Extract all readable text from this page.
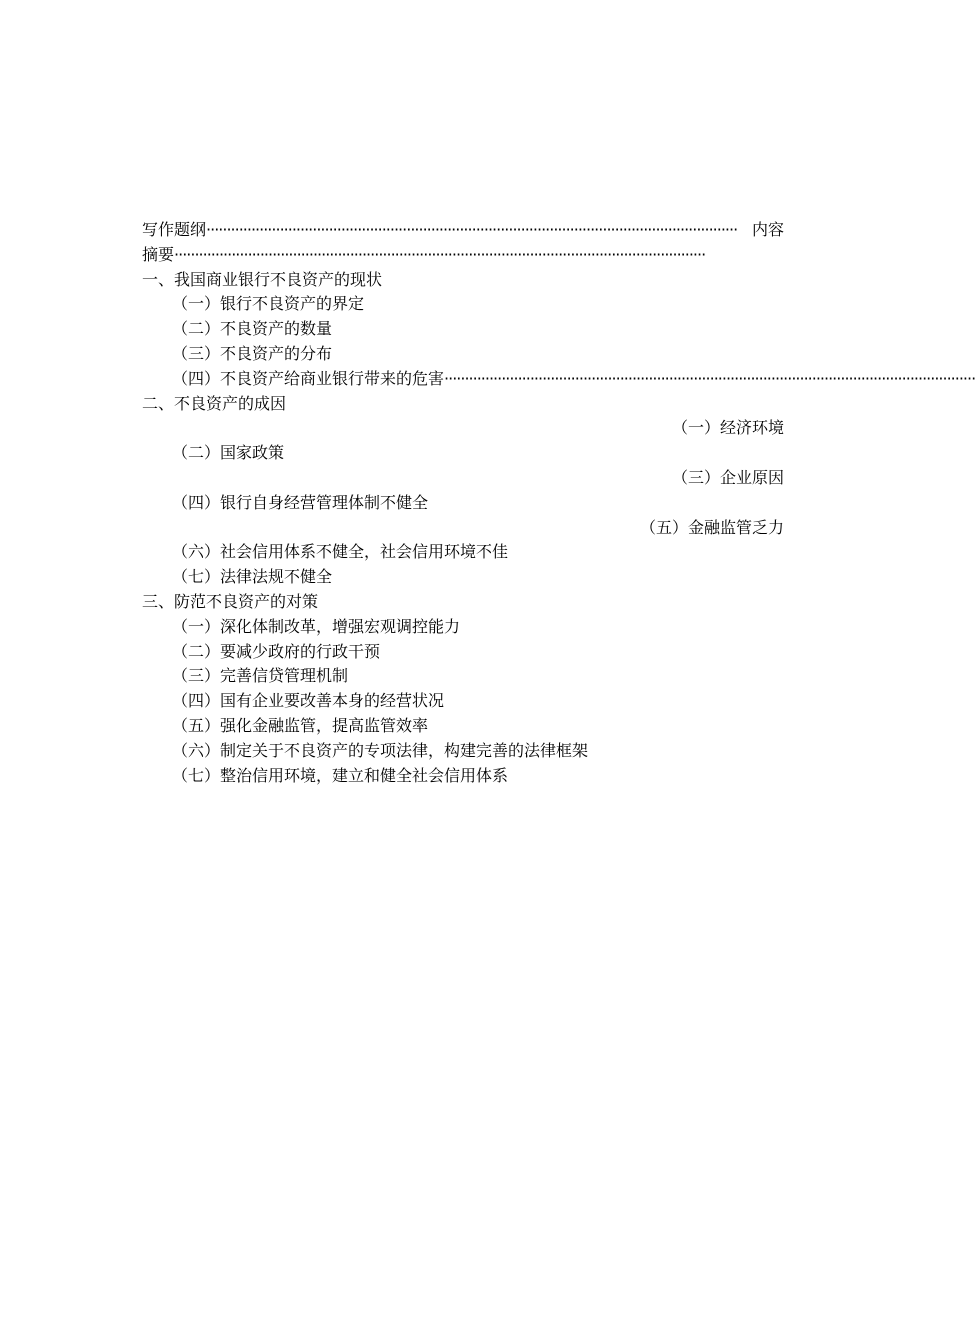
写作题纲 ·································································································································· 内容
摘要 ··································································································································
一、我国商业银行不良资产的现状
（一）银行不良资产的界定
（二）不良资产的数量
（三）不良资产的分布
（四）不良资产给商业银行带来的危害 ··································································································································
二、不良资产的成因
（一）经济环境
（二）国家政策
（三）企业原因
（四）银行自身经营管理体制不健全
（五）金融监管乏力
（六）社会信用体系不健全，社会信用环境不佳
（七）法律法规不健全
三、防范不良资产的对策
（一）深化体制改革，增强宏观调控能力
（二）要减少政府的行政干预
（三）完善信贷管理机制
（四）国有企业要改善本身的经营状况
（五）强化金融监管，提高监管效率
（六）制定关于不良资产的专项法律，构建完善的法律框架
（七）整治信用环境，建立和健全社会信用体系
